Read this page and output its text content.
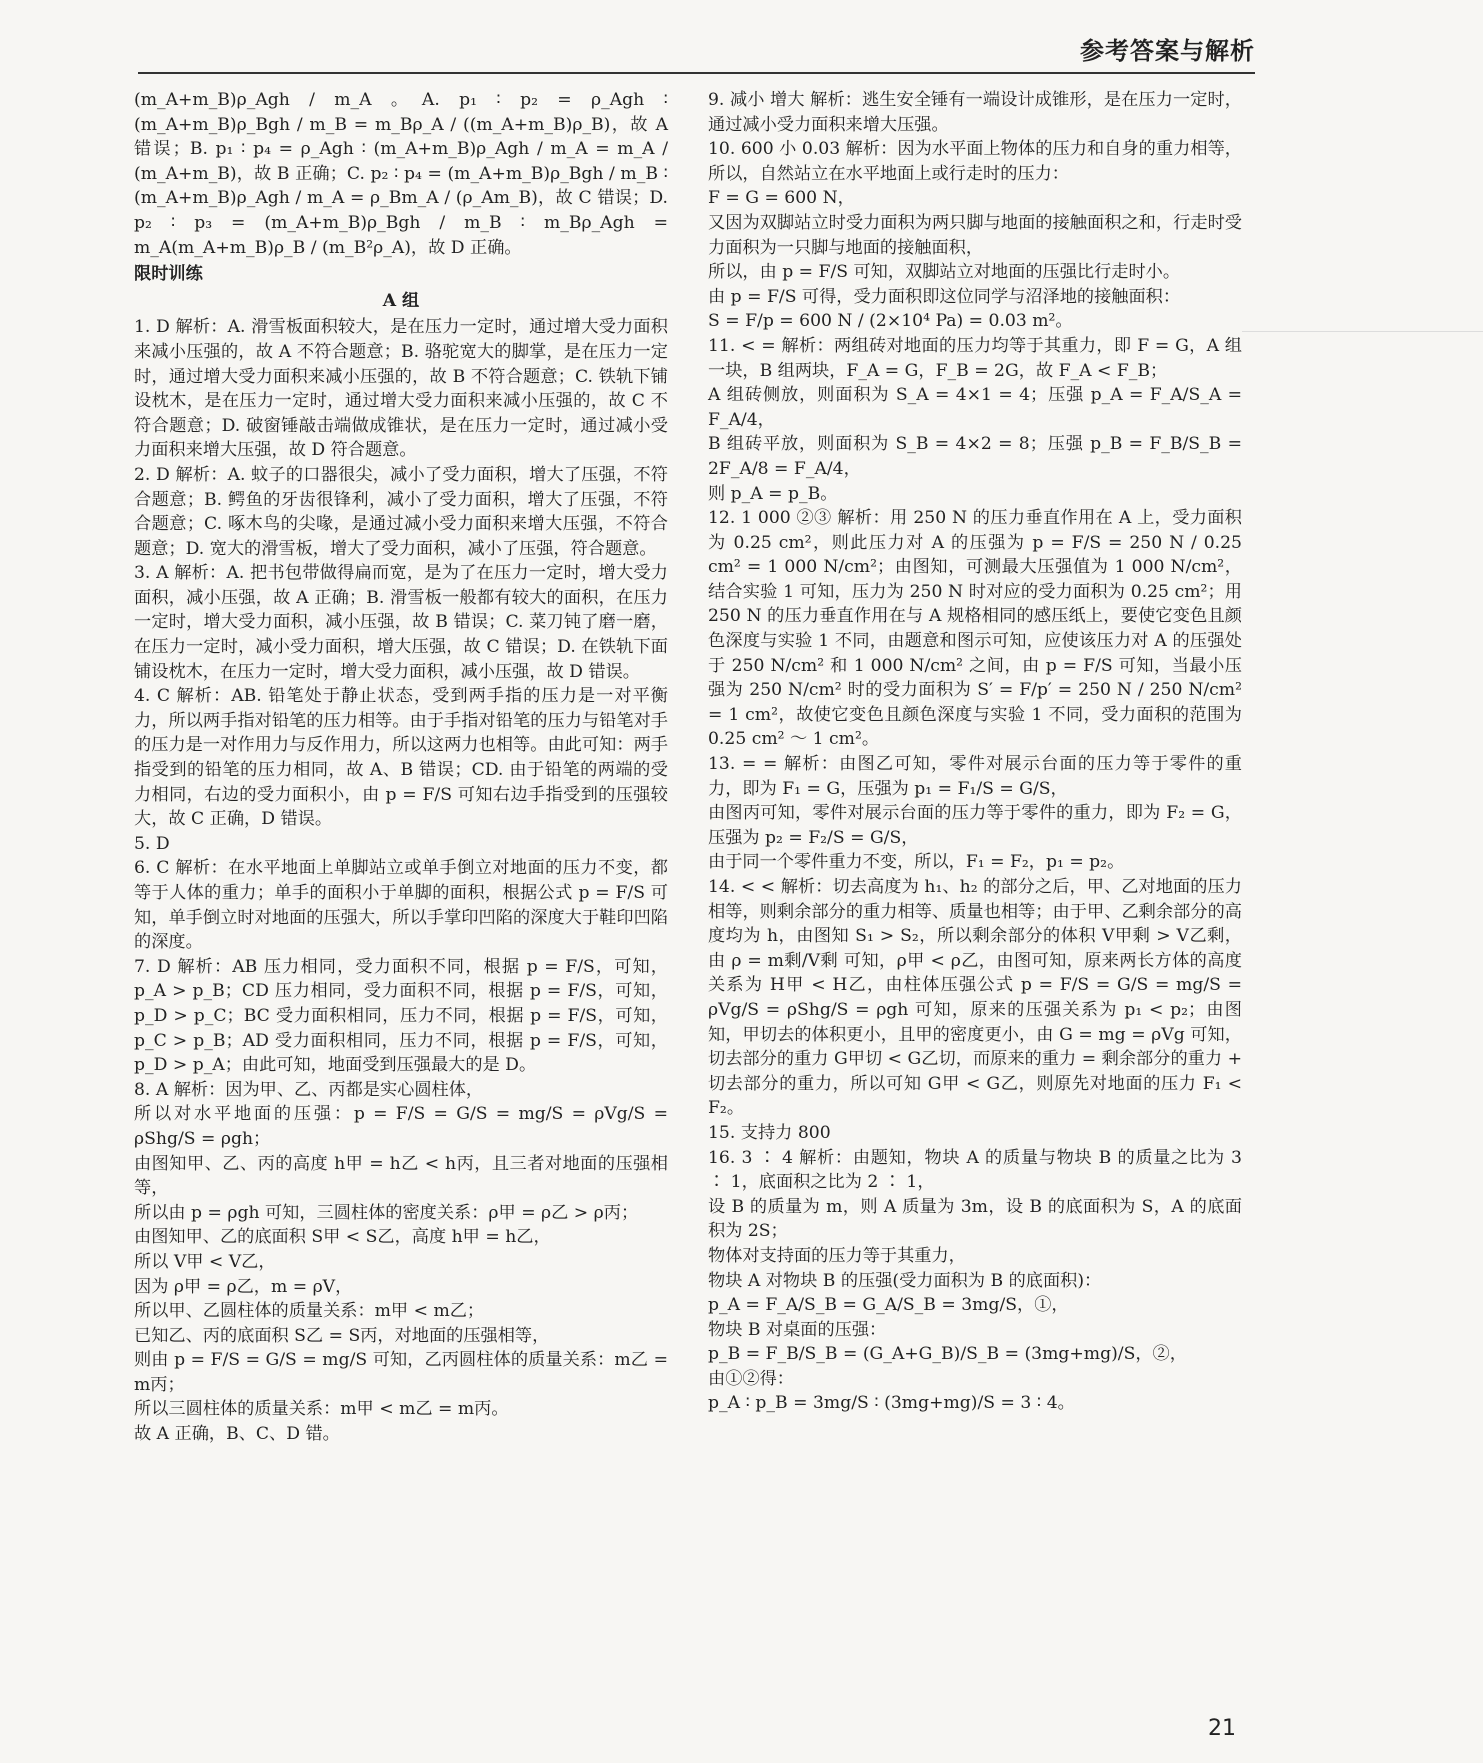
参考答案与解析

(m_A+m_B)ρ_Agh / m_A 。A. p₁ ∶ p₂ = ρ_Agh ∶ (m_A+m_B)ρ_Bgh / m_B = m_Bρ_A / ((m_A+m_B)ρ_B)，故 A 错误；B. p₁ ∶ p₄ = ρ_Agh ∶ (m_A+m_B)ρ_Agh / m_A = m_A / (m_A+m_B)，故 B 正确；C. p₂ ∶ p₄ = (m_A+m_B)ρ_Bgh / m_B ∶ (m_A+m_B)ρ_Agh / m_A = ρ_Bm_A / (ρ_Am_B)，故 C 错误；D. p₂ ∶ p₃ = (m_A+m_B)ρ_Bgh / m_B ∶ m_Bρ_Agh = m_A(m_A+m_B)ρ_B / (m_B²ρ_A)，故 D 正确。

限时训练

A 组

1. D 解析：A. 滑雪板面积较大，是在压力一定时，通过增大受力面积来减小压强的，故 A 不符合题意；B. 骆驼宽大的脚掌，是在压力一定时，通过增大受力面积来减小压强的，故 B 不符合题意；C. 铁轨下铺设枕木，是在压力一定时，通过增大受力面积来减小压强的，故 C 不符合题意；D. 破窗锤敲击端做成锥状，是在压力一定时，通过减小受力面积来增大压强，故 D 符合题意。

2. D 解析：A. 蚊子的口器很尖，减小了受力面积，增大了压强，不符合题意；B. 鳄鱼的牙齿很锋利，减小了受力面积，增大了压强，不符合题意；C. 啄木鸟的尖喙，是通过减小受力面积来增大压强，不符合题意；D. 宽大的滑雪板，增大了受力面积，减小了压强，符合题意。

3. A 解析：A. 把书包带做得扁而宽，是为了在压力一定时，增大受力面积，减小压强，故 A 正确；B. 滑雪板一般都有较大的面积，在压力一定时，增大受力面积，减小压强，故 B 错误；C. 菜刀钝了磨一磨，在压力一定时，减小受力面积，增大压强，故 C 错误；D. 在铁轨下面铺设枕木，在压力一定时，增大受力面积，减小压强，故 D 错误。

4. C 解析：AB. 铅笔处于静止状态，受到两手指的压力是一对平衡力，所以两手指对铅笔的压力相等。由于手指对铅笔的压力与铅笔对手的压力是一对作用力与反作用力，所以这两力也相等。由此可知：两手指受到的铅笔的压力相同，故 A、B 错误；CD. 由于铅笔的两端的受力相同，右边的受力面积小，由 p = F/S 可知右边手指受到的压强较大，故 C 正确，D 错误。

5. D

6. C 解析：在水平地面上单脚站立或单手倒立对地面的压力不变，都等于人体的重力；单手的面积小于单脚的面积，根据公式 p = F/S 可知，单手倒立时对地面的压强大，所以手掌印凹陷的深度大于鞋印凹陷的深度。

7. D 解析：AB 压力相同，受力面积不同，根据 p = F/S，可知，p_A > p_B；CD 压力相同，受力面积不同，根据 p = F/S，可知，p_D > p_C；BC 受力面积相同，压力不同，根据 p = F/S，可知，p_C > p_B；AD 受力面积相同，压力不同，根据 p = F/S，可知，p_D > p_A；由此可知，地面受到压强最大的是 D。

8. A 解析：因为甲、乙、丙都是实心圆柱体，

所以对水平地面的压强：p = F/S = G/S = mg/S = ρVg/S = ρShg/S = ρgh；

由图知甲、乙、丙的高度 h甲 = h乙 < h丙，且三者对地面的压强相等，

所以由 p = ρgh 可知，三圆柱体的密度关系：ρ甲 = ρ乙 > ρ丙；

由图知甲、乙的底面积 S甲 < S乙，高度 h甲 = h乙，

所以 V甲 < V乙，

因为 ρ甲 = ρ乙，m = ρV，

所以甲、乙圆柱体的质量关系：m甲 < m乙；

已知乙、丙的底面积 S乙 = S丙，对地面的压强相等，

则由 p = F/S = G/S = mg/S 可知，乙丙圆柱体的质量关系：m乙 = m丙；

所以三圆柱体的质量关系：m甲 < m乙 = m丙。

故 A 正确，B、C、D 错。

9. 减小 增大 解析：逃生安全锤有一端设计成锥形，是在压力一定时，通过减小受力面积来增大压强。

10. 600 小 0.03 解析：因为水平面上物体的压力和自身的重力相等，所以，自然站立在水平地面上或行走时的压力：

F = G = 600 N，

又因为双脚站立时受力面积为两只脚与地面的接触面积之和，行走时受力面积为一只脚与地面的接触面积，

所以，由 p = F/S 可知，双脚站立对地面的压强比行走时小。

由 p = F/S 可得，受力面积即这位同学与沼泽地的接触面积：

S = F/p = 600 N / (2×10⁴ Pa) = 0.03 m²。

11. < = 解析：两组砖对地面的压力均等于其重力，即 F = G，A 组一块，B 组两块，F_A = G，F_B = 2G，故 F_A < F_B；

A 组砖侧放，则面积为 S_A = 4×1 = 4；压强 p_A = F_A/S_A = F_A/4，

B 组砖平放，则面积为 S_B = 4×2 = 8；压强 p_B = F_B/S_B = 2F_A/8 = F_A/4，

则 p_A = p_B。

12. 1 000 ②③ 解析：用 250 N 的压力垂直作用在 A 上，受力面积为 0.25 cm²，则此压力对 A 的压强为 p = F/S = 250 N / 0.25 cm² = 1 000 N/cm²；由图知，可测最大压强值为 1 000 N/cm²，结合实验 1 可知，压力为 250 N 时对应的受力面积为 0.25 cm²；用 250 N 的压力垂直作用在与 A 规格相同的感压纸上，要使它变色且颜色深度与实验 1 不同，由题意和图示可知，应使该压力对 A 的压强处于 250 N/cm² 和 1 000 N/cm² 之间，由 p = F/S 可知，当最小压强为 250 N/cm² 时的受力面积为 S′ = F/p′ = 250 N / 250 N/cm² = 1 cm²，故使它变色且颜色深度与实验 1 不同，受力面积的范围为 0.25 cm² ～ 1 cm²。

13. = = 解析：由图乙可知，零件对展示台面的压力等于零件的重力，即为 F₁ = G，压强为 p₁ = F₁/S = G/S，

由图丙可知，零件对展示台面的压力等于零件的重力，即为 F₂ = G，压强为 p₂ = F₂/S = G/S，

由于同一个零件重力不变，所以，F₁ = F₂，p₁ = p₂。

14. < < 解析：切去高度为 h₁、h₂ 的部分之后，甲、乙对地面的压力相等，则剩余部分的重力相等、质量也相等；由于甲、乙剩余部分的高度均为 h，由图知 S₁ > S₂，所以剩余部分的体积 V甲剩 > V乙剩，由 ρ = m剩/V剩 可知，ρ甲 < ρ乙，由图可知，原来两长方体的高度关系为 H甲 < H乙，由柱体压强公式 p = F/S = G/S = mg/S = ρVg/S = ρShg/S = ρgh 可知，原来的压强关系为 p₁ < p₂；由图知，甲切去的体积更小，且甲的密度更小，由 G = mg = ρVg 可知，切去部分的重力 G甲切 < G乙切，而原来的重力 = 剩余部分的重力 + 切去部分的重力，所以可知 G甲 < G乙，则原先对地面的压力 F₁ < F₂。

15. 支持力 800

16. 3 ∶ 4 解析：由题知，物块 A 的质量与物块 B 的质量之比为 3 ∶ 1，底面积之比为 2 ∶ 1，

设 B 的质量为 m，则 A 质量为 3m，设 B 的底面积为 S，A 的底面积为 2S；

物体对支持面的压力等于其重力，

物块 A 对物块 B 的压强(受力面积为 B 的底面积)：

p_A = F_A/S_B = G_A/S_B = 3mg/S，①，

物块 B 对桌面的压强：

p_B = F_B/S_B = (G_A+G_B)/S_B = (3mg+mg)/S，②，

由①②得：

p_A ∶ p_B = 3mg/S ∶ (3mg+mg)/S = 3 ∶ 4。

21
